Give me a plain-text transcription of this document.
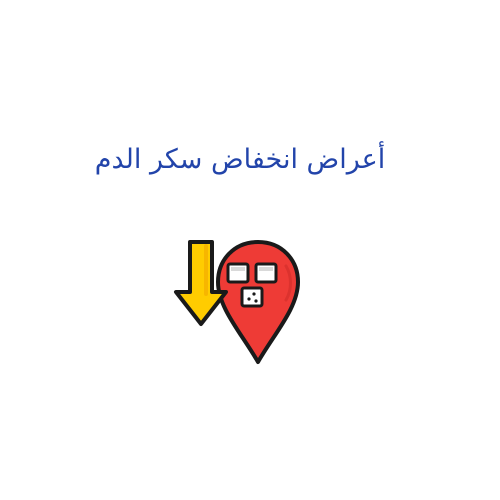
أعراض انخفاض سكر الدم
